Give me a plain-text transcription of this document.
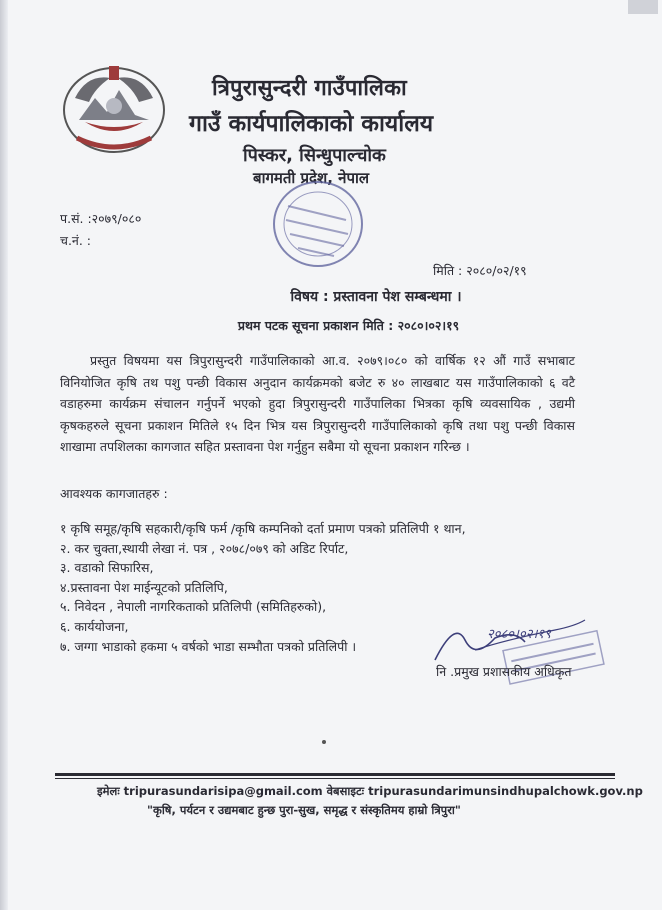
त्रिपुरासुन्दरी गाउँपालिका
गाउँ कार्यपालिकाको कार्यालय
पिस्कर, सिन्धुपाल्चोक
बागमती प्रदेश, नेपाल
प.सं. :२०७९/०८०
च.नं. :
मिति : २०८०/०२/१९
विषय : प्रस्तावना पेश सम्बन्धमा ।
प्रथम पटक सूचना प्रकाशन मिति : २०८०।०२।१९
प्रस्तुत विषयमा यस त्रिपुरासुन्दरी गाउँपालिकाको आ.व. २०७९।०८० को वार्षिक १२ औं गाउँ सभाबाट विनियोजित कृषि तथ पशु पन्छी विकास अनुदान कार्यक्रमको बजेट रु ४० लाखबाट यस गाउँपालिकाको ६ वटै वडाहरुमा कार्यक्रम संचालन गर्नुपर्ने भएको हुदा त्रिपुरासुन्दरी गाउँपालिका भित्रका कृषि व्यवसायिक , उद्यमी कृषकहरुले सूचना प्रकाशन मितिले १५ दिन भित्र यस त्रिपुरासुन्दरी गाउँपालिकाको कृषि तथा पशु पन्छी विकास शाखामा तपशिलका कागजात सहित प्रस्तावना पेश गर्नुहुन सबैमा यो सूचना प्रकाशन गरिन्छ ।
आवश्यक कागजातहरु :
१ कृषि समूह/कृषि सहकारी/कृषि फर्म /कृषि कम्पनिको दर्ता प्रमाण पत्रको प्रतिलिपी १ थान,
२. कर चुक्ता,स्थायी लेखा नं. पत्र , २०७८/०७९ को अडिट रिर्पाट,
३. वडाको सिफारिस,
४.प्रस्तावना पेश माईन्यूटको प्रतिलिपि,
५. निवेदन , नेपाली नागरिकताको प्रतिलिपी (समितिहरुको),
६. कार्ययोजना,
७. जग्गा भाडाको हकमा ५ वर्षको भाडा सम्भौता पत्रको प्रतिलिपी ।
२०८०।०२।१९
नि .प्रमुख प्रशासकीय अधिकृत
इमेलः tripurasundarisipa@gmail.com वेबसाइटः tripurasundarimunsindhupalchowk.gov.np
"कृषि, पर्यटन र उद्यमबाट हुन्छ पुरा-सुख, समृद्ध र संस्कृतिमय हाम्रो त्रिपुरा"
